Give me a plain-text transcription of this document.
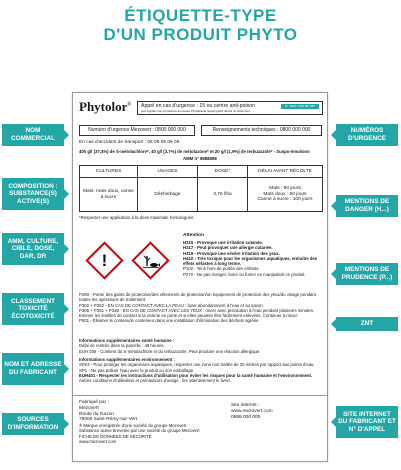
ÉTIQUETTE-TYPE
D'UN PRODUIT PHYTO
NOM COMMERCIAL
COMPOSITION : SUBSTANCE(S) ACTIVE(S)
AMM, CULTURE, CIBLE, DOSE, DAR, DR
CLASSEMENT TOXICITÉ ÉCOTOXICITÉ
NOM ET ADRESSE DU FABRICANT
SOURCES D'INFORMATION
NUMÉROS D'URGENCE
MENTIONS DE DANGER (H...)
MENTIONS DE PRUDENCE (P...)
ZNT
SITE INTERNET DU FABRICANT ET N° D'APPEL
Phytolor® Appel en cas d'urgence : 15 ou centre anti-poison
puis signaler vos symptômes au réseau Phyt'attitude (appel gratuit depuis un poste fixe).
N° VERT 0 800 887 887
Numéro d'urgence Mezovert : 0800 000 000	Renseignements techniques : 0800 000 000
En cas d'accident de transport : 06 06 06 06 06
400 g/l (37,4%) de S-métolachlore*, 40 g/l (3,7%) de métolazone* et 20 g/l (1,9%) de terbuzazole* - Suspo-émulsion
AMM n° 8888888
CULTURES	USAGES	DOSE*	DÉLAI AVANT RÉCOLTE
Maïs, maïs doux, canne à sucre	Désherbage	3,75 l/ha	Maïs : 90 jours
Maïs doux : 60 jours
Canne à sucre : 100 jours
*Respecter une application à la dose maximale homologuée.
!
Attention
H315 - Provoque une irritation cutanée.
H317 - Peut provoquer une allergie cutanée.
H319 - Provoque une sévère irritation des yeux.
H410 - Très toxique pour les organismes aquatiques, entraîne des effets néfastes à long terme.
P102 - Tenir hors de portée des enfants.
P270 - Ne pas manger, boire ou fumer en manipulant ce produit.
P280 - Porter des gants de protection/des vêtements de protection/un équipement de protection des yeux/du visage pendant toutes les opérations de traitement.
P302 + P352 - EN CAS DE CONTACT AVEC LA PEAU : laver abondamment à l'eau et au savon.
P305 + P351 + P338 - EN CAS DE CONTACT AVEC LES YEUX : rincer avec précaution à l'eau pendant plusieurs minutes. Enlever les lentilles de contact si la victime en porte et si elles peuvent être facilement enlevées. Continuer à rincer.
P501 - Éliminer le contenu/le conteneur dans une installation d'élimination des déchets agréée.
Informations supplémentaires santé humaine :
Délai de rentrée dans la parcelle : 48 heures.
EUH 208 - Contient du S-métolachlore et du terbuzazole. Peut produire une réaction allergique.
Informations supplémentaires environnement :
SPe3 - Pour protéger les organismes aquatiques, respecter une zone non traitée de 20 mètres par rapport aux points d'eau.
SP1 - Ne pas polluer l'eau avec le produit ou son emballage.
EUH401 - Respecter les instructions d'utilisation pour éviter les risques pour la santé humaine et l'environnement.
Autres conditions d'utilisation et précautions d'usage : lire attentivement le livret.
Fabriqué par :
Mezovert
Route du Gazon
78000 Saint-Rémy-sur-Vert
® Marque enregistrée d'une société du groupe Mezovert
Substance active brevetée par une société du groupe Mezovert
FICHE DE DONNÉES DE SÉCURITÉ
www.mezovert.com
Site internet :
www.mezovert.com
0888 000 000
